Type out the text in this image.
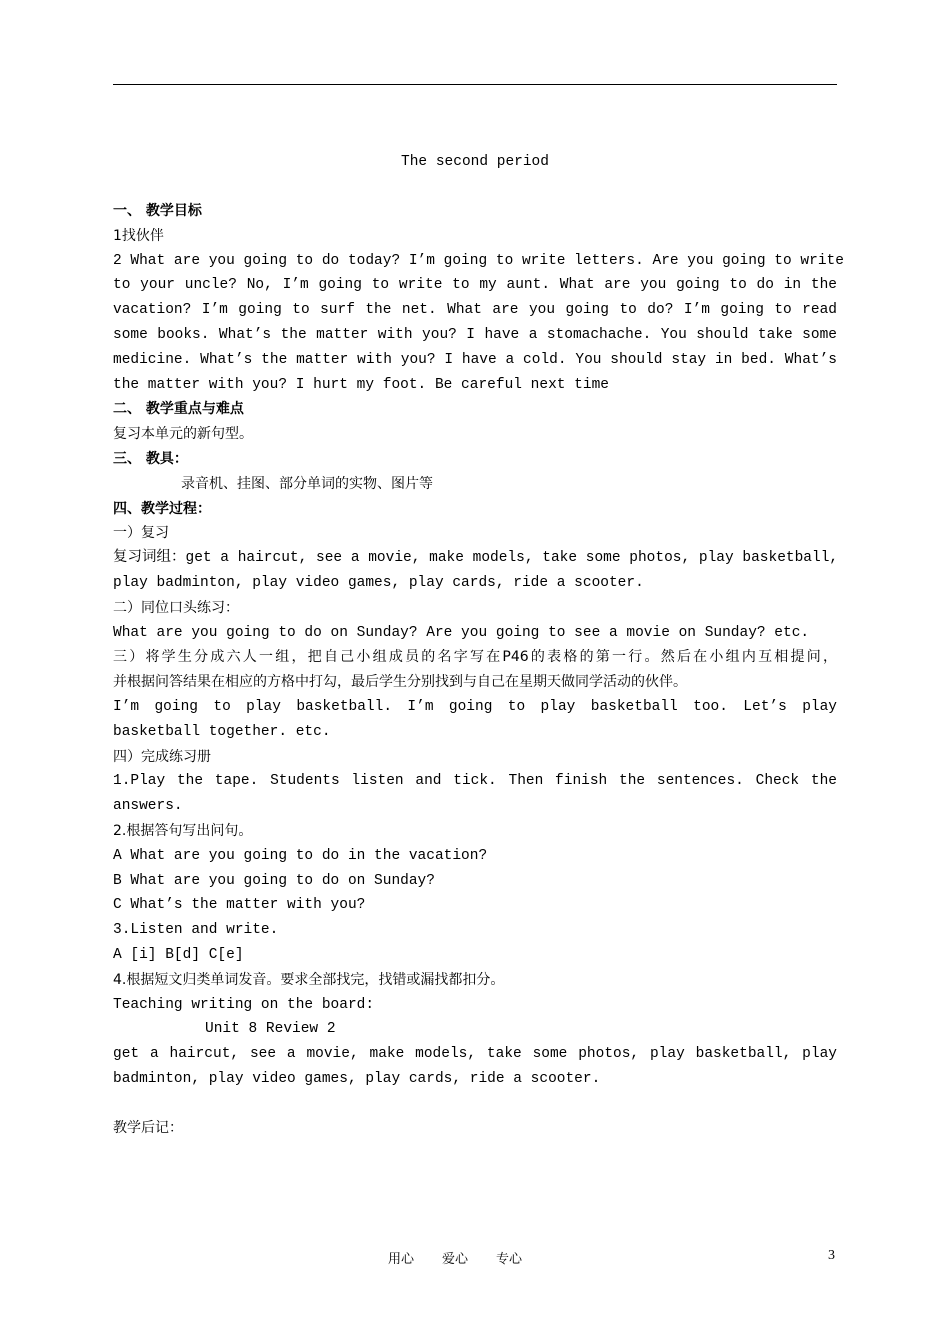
The second period
一、 教学目标
1找伙伴
2 What are you going to do today? I’m going to write letters. Are you going to write
to your uncle? No, I’m going to write to my aunt. What are you going to do in the
vacation? I’m going to surf the net. What are you going to do? I’m going to read
some books. What’s the matter with you? I have a stomachache. You should take some
medicine. What’s the matter with you? I have a cold. You should stay in bed. What’s
the matter with you? I hurt my foot. Be careful next time
二、 教学重点与难点
复习本单元的新句型。
三、 教具：
录音机、挂图、部分单词的实物、图片等
四、教学过程：
一）复习
复习词组：get a haircut, see a movie, make models, take some photos, play basketball,
play badminton, play video games, play cards, ride a scooter.
二）同位口头练习：
What are you going to do on Sunday? Are you going to see a movie on Sunday? etc.
三）将学生分成六人一组，把自己小组成员的名字写在P46的表格的第一行。然后在小组内互相提问，
并根据问答结果在相应的方格中打勾，最后学生分别找到与自己在星期天做同学活动的伙伴。
I’m going to play basketball. I’m going to play basketball too. Let’s play
basketball together. etc.
四）完成练习册
1.Play the tape. Students listen and tick. Then finish the sentences. Check the
answers.
2.根据答句写出问句。
A What are you going to do in the vacation?
B What are you going to do on Sunday?
C What’s the matter with you?
3.Listen and write.
A [i] B[d] C[e]
4.根据短文归类单词发音。要求全部找完，找错或漏找都扣分。
Teaching writing on the board:
Unit 8 Review 2
get a haircut, see a movie, make models, take some photos, play basketball, play
badminton, play video games, play cards, ride a scooter.
教学后记：
用心 爱心 专心	3
